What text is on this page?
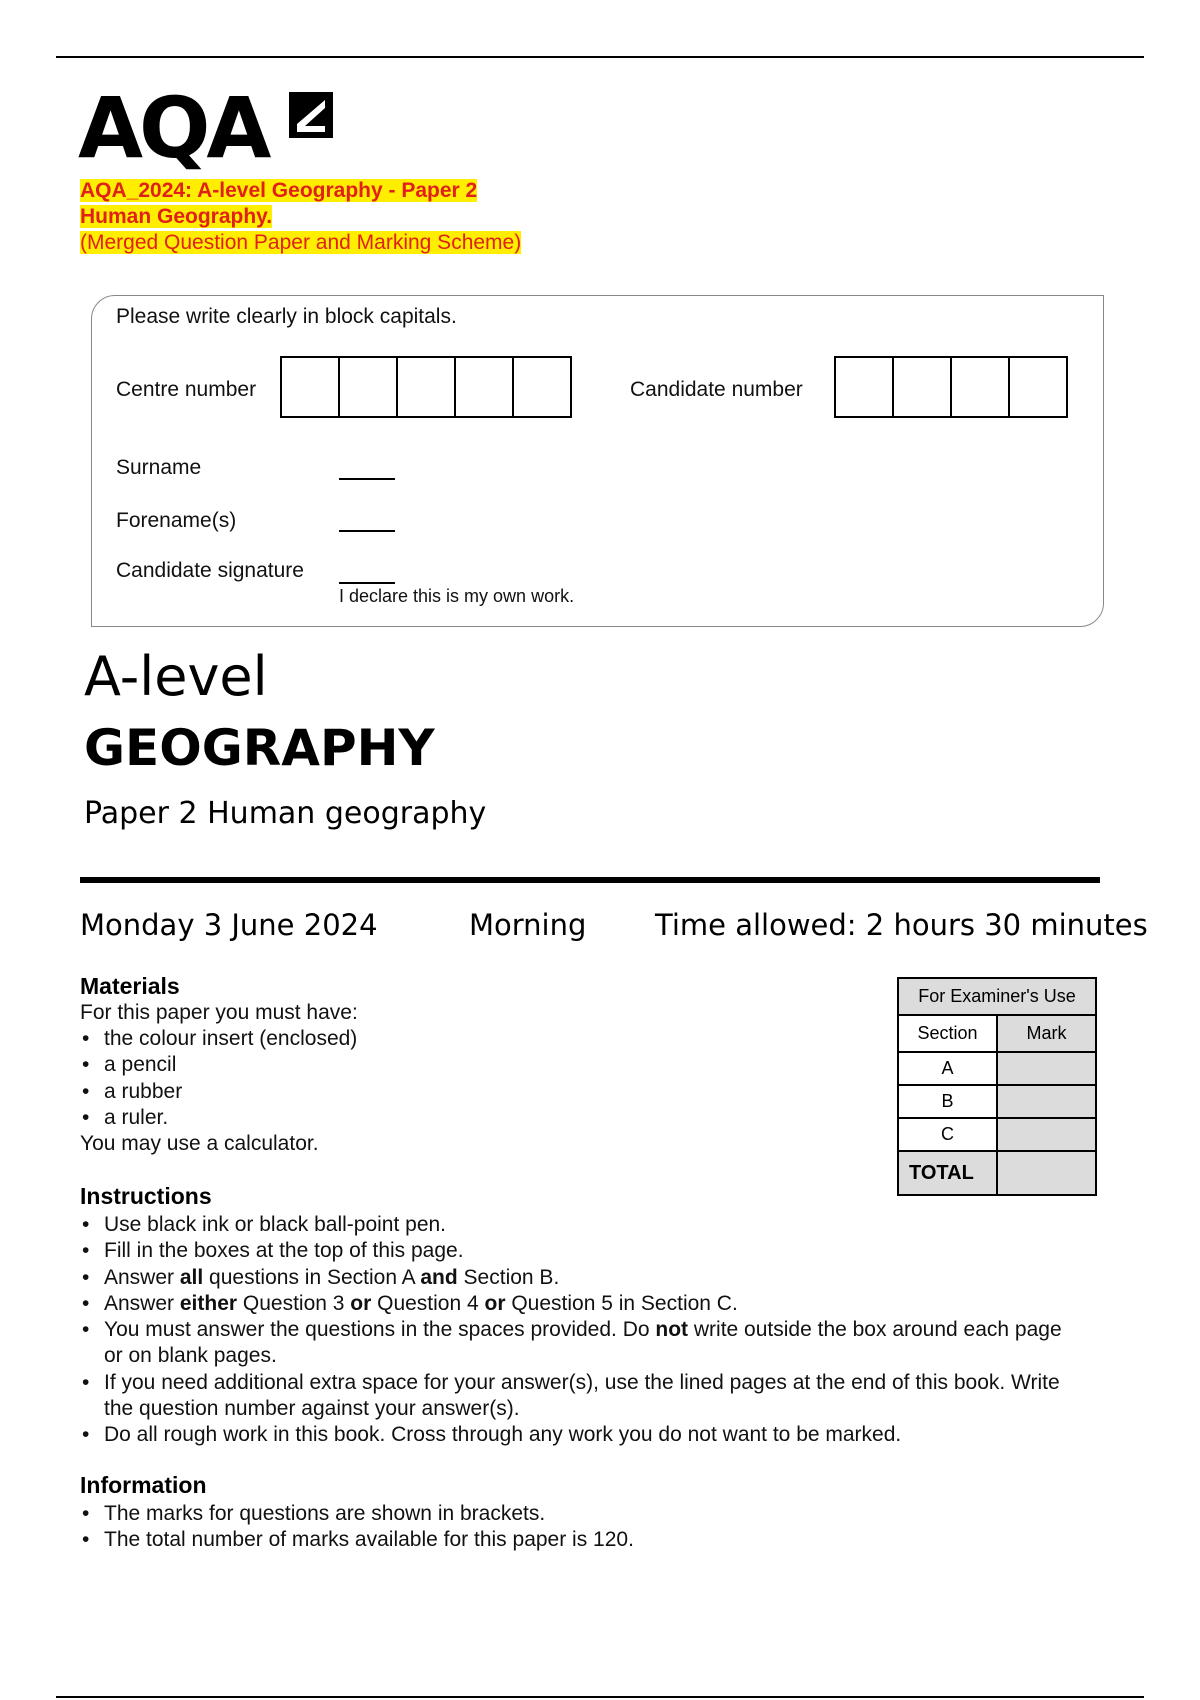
AQA
AQA_2024: A-level Geography - Paper 2
Human Geography.
(Merged Question Paper and Marking Scheme)
Please write clearly in block capitals.
Centre number	Candidate number
Surname
Forename(s)
Candidate signature
I declare this is my own work.
A-level
GEOGRAPHY
Paper 2 Human geography
Monday 3 June 2024	Morning Time allowed: 2 hours 30 minutes
Materials
For this paper you must have:
• the colour insert (enclosed)
• a pencil
• a rubber
• a ruler.
You may use a calculator.
Instructions
• Use black ink or black ball-point pen.
• Fill in the boxes at the top of this page.
• Answer all questions in Section A and Section B.
• Answer either Question 3 or Question 4 or Question 5 in Section C.
• You must answer the questions in the spaces provided. Do not write outside the box around each page or on blank pages.
• If you need additional extra space for your answer(s), use the lined pages at the end of this book. Write the question number against your answer(s).
• Do all rough work in this book. Cross through any work you do not want to be marked.
Information
• The marks for questions are shown in brackets.
• The total number of marks available for this paper is 120.
For Examiner's Use	
Section	Mark
A	
B	
C	
TOTAL	
